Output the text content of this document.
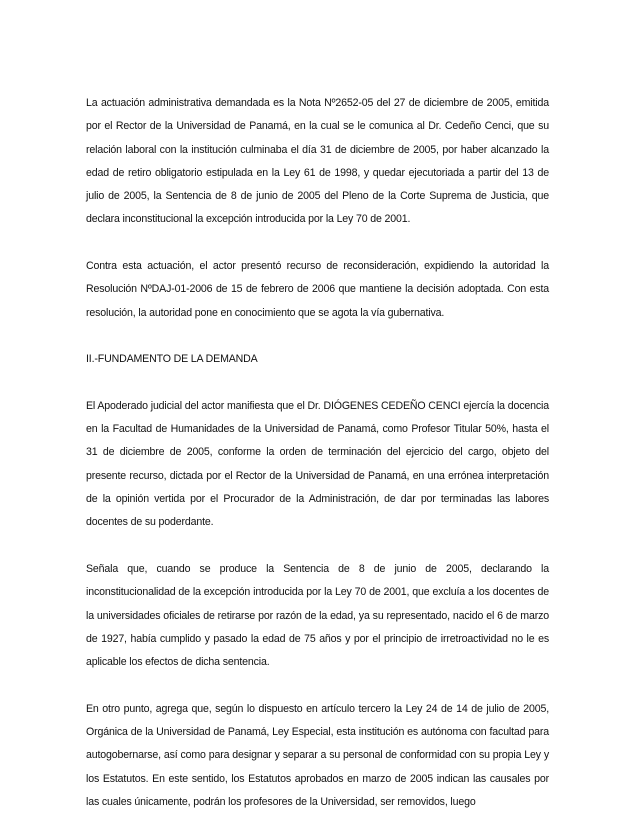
La actuación administrativa demandada es la Nota Nº2652-05 del 27 de diciembre de 2005, emitida por el Rector de la Universidad de Panamá, en la cual se le comunica al Dr. Cedeño Cenci, que su relación laboral con la institución culminaba el día 31 de diciembre de 2005, por haber alcanzado la edad de retiro obligatorio estipulada en la Ley 61 de 1998, y quedar ejecutoriada a partir del 13 de julio de 2005, la Sentencia de 8 de junio de 2005 del Pleno de la Corte Suprema de Justicia, que declara inconstitucional la excepción introducida por la Ley 70 de 2001.

Contra esta actuación, el actor presentó recurso de reconsideración, expidiendo la autoridad la Resolución NºDAJ-01-2006 de 15 de febrero de 2006 que mantiene la decisión adoptada. Con esta resolución, la autoridad pone en conocimiento que se agota la vía gubernativa.

II.-FUNDAMENTO DE LA DEMANDA

El Apoderado judicial del actor manifiesta que el Dr. DIÓGENES CEDEÑO CENCI ejercía la docencia en la Facultad de Humanidades de la Universidad de Panamá, como Profesor Titular 50%, hasta el 31 de diciembre de 2005, conforme la orden de terminación del ejercicio del cargo, objeto del presente recurso, dictada por el Rector de la Universidad de Panamá, en una errónea interpretación de la opinión vertida por el Procurador de la Administración, de dar por terminadas las labores docentes de su poderdante.

Señala que, cuando se produce la Sentencia de 8 de junio de 2005, declarando la inconstitucionalidad de la excepción introducida por la Ley 70 de 2001, que excluía a los docentes de la universidades oficiales de retirarse por razón de la edad, ya su representado, nacido el 6 de marzo de 1927, había cumplido y pasado la edad de 75 años y por el principio de irretroactividad no le es aplicable los efectos de dicha sentencia.

En otro punto, agrega que, según lo dispuesto en artículo tercero la Ley 24 de 14 de julio de 2005, Orgánica de la Universidad de Panamá, Ley Especial, esta institución es autónoma con facultad para autogobernarse, así como para designar y separar a su personal de conformidad con su propia Ley y los Estatutos. En este sentido, los Estatutos aprobados en marzo de 2005 indican las causales por las cuales únicamente, podrán los profesores de la Universidad, ser removidos, luego
